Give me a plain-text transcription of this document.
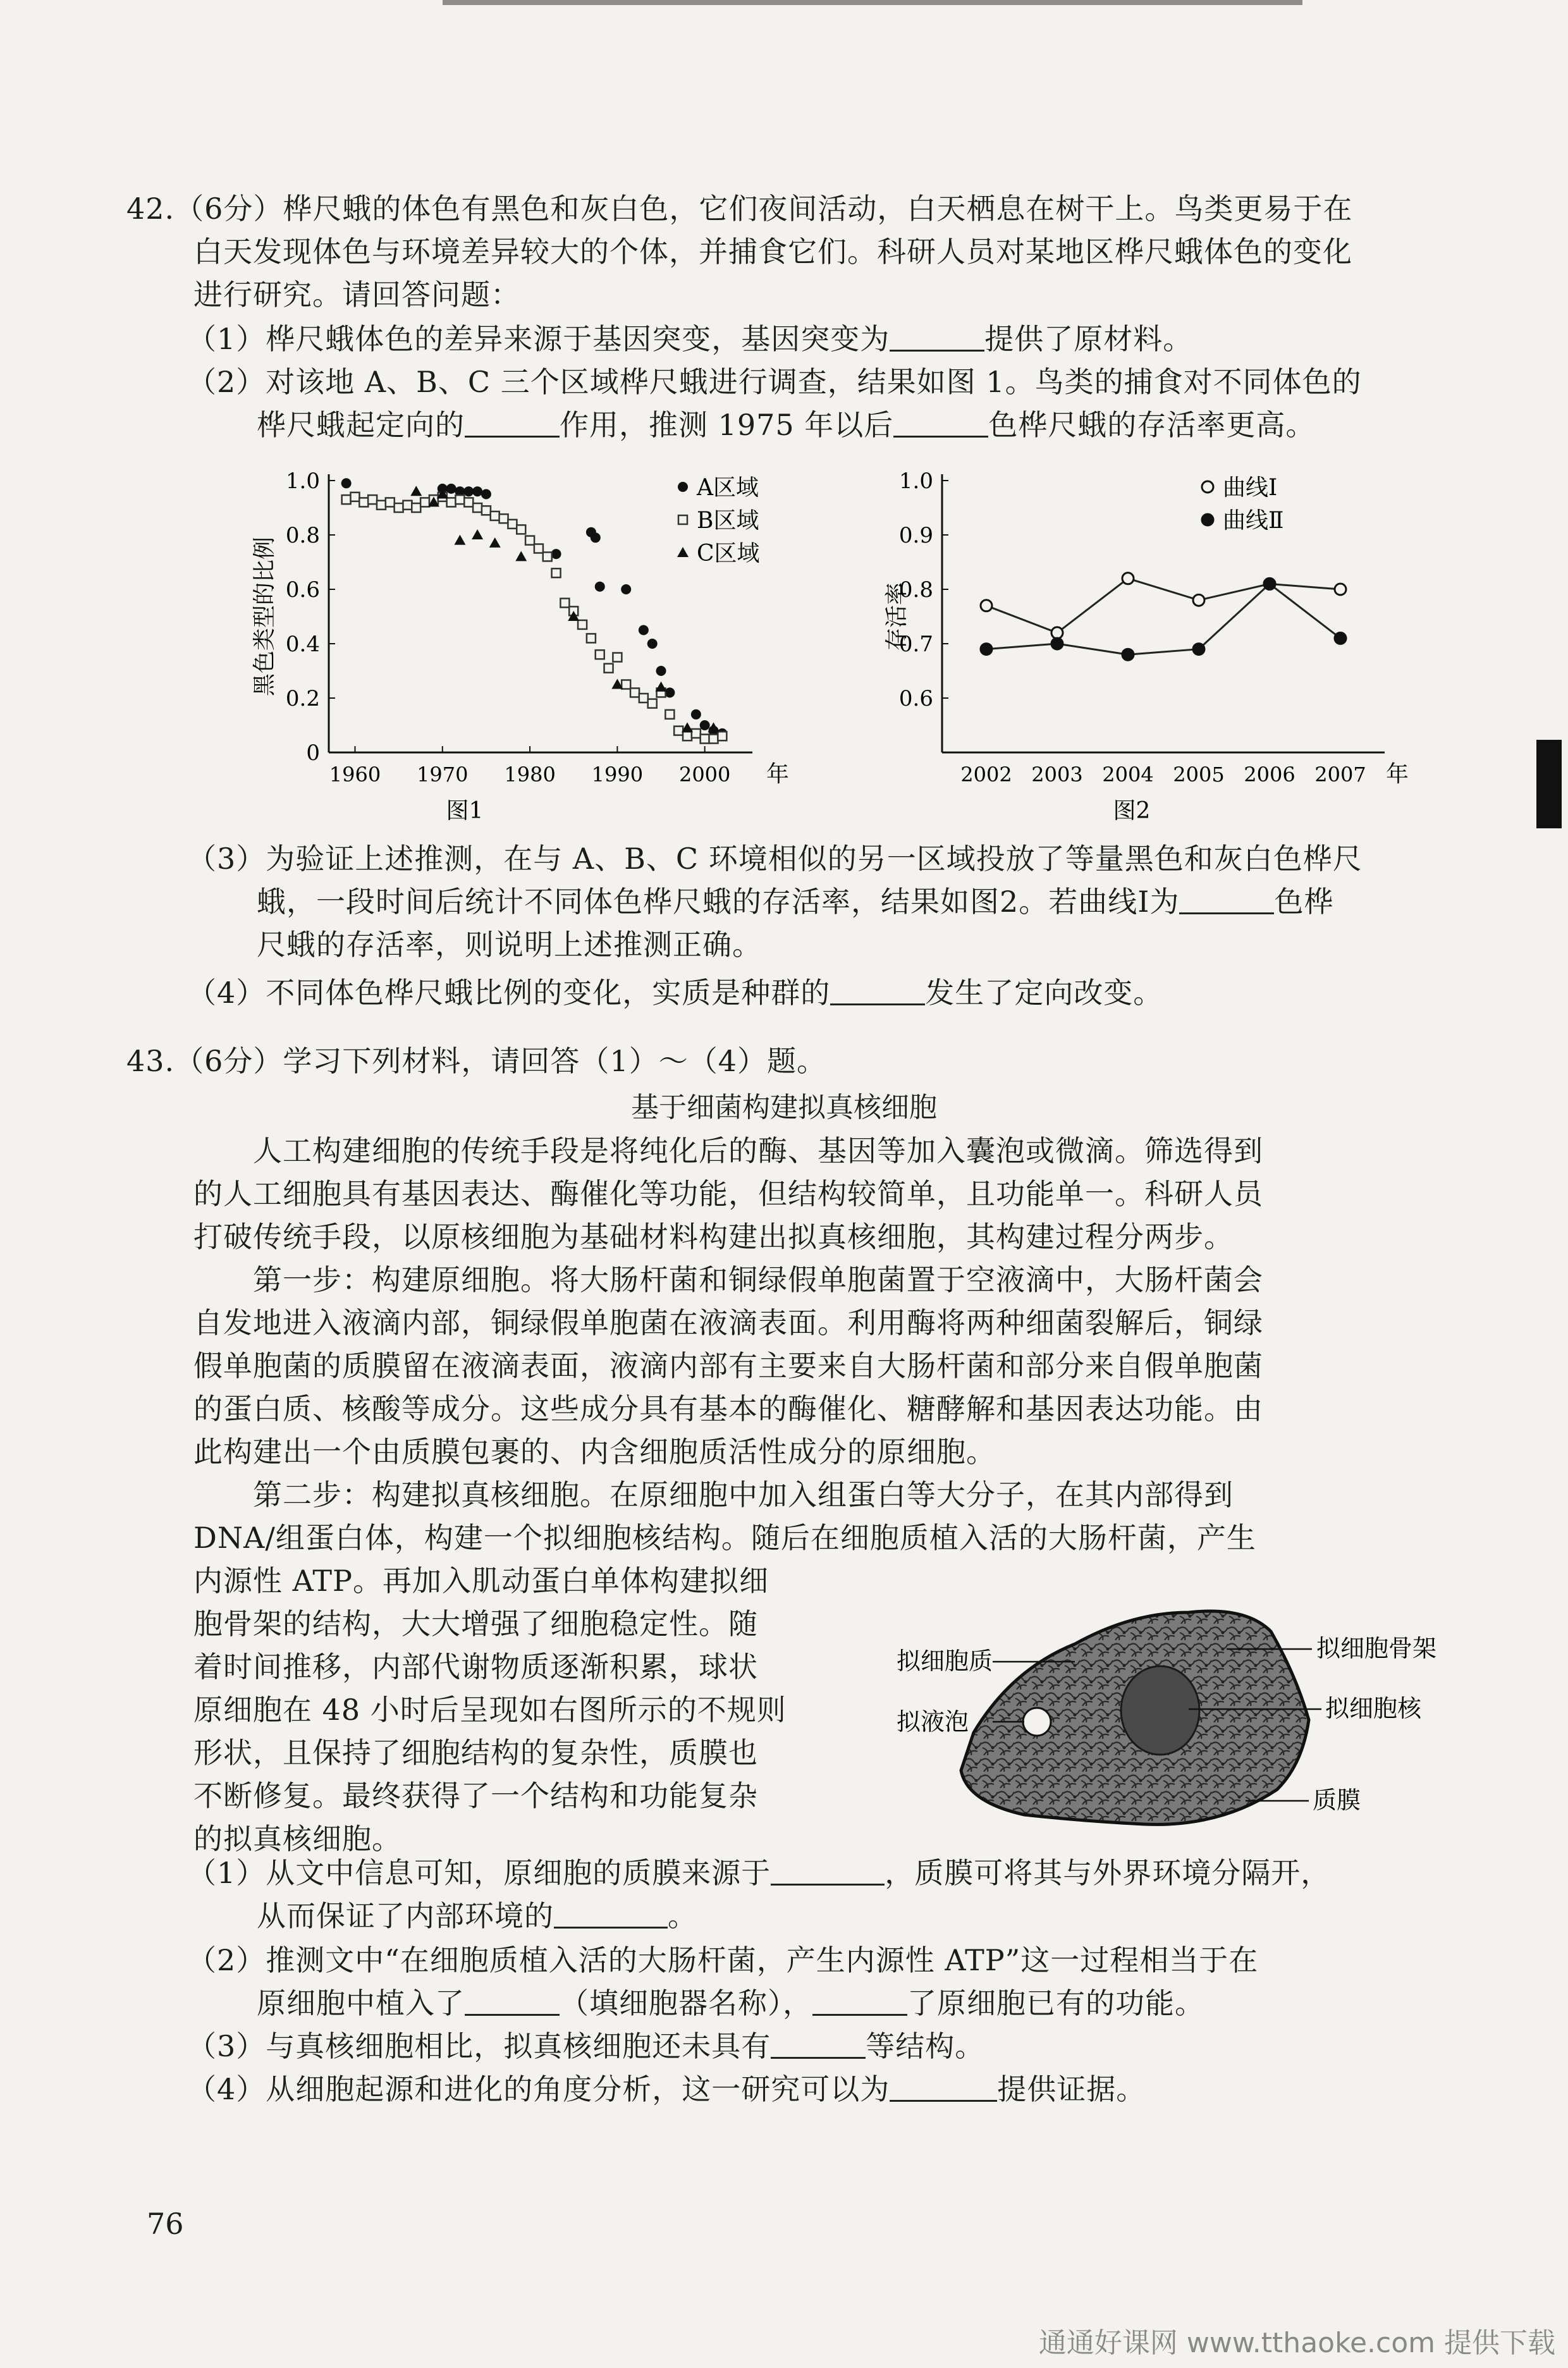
42.（6分）桦尺蛾的体色有黑色和灰白色，它们夜间活动，白天栖息在树干上。鸟类更易于在
白天发现体色与环境差异较大的个体，并捕食它们。科研人员对某地区桦尺蛾体色的变化
进行研究。请回答问题：
（1）桦尺蛾体色的差异来源于基因突变，基因突变为	提供了原材料。
（2）对该地 A、B、C 三个区域桦尺蛾进行调查，结果如图 1。鸟类的捕食对不同体色的
桦尺蛾起定向的	作用，推测 1975 年以后	色桦尺蛾的存活率更高。
0
0.2
0.4
0.6
0.8
1.0
1960 1970 1980 1990 2000 年
黑色类型的比例
图1
A区域
B区域
C区域
0.6
0.7
0.8
0.9
1.0
2002 2003 2004 2005 2006 2007 年
存活率
图2
曲线Ⅰ
曲线Ⅱ
（3）为验证上述推测，在与 A、B、C 环境相似的另一区域投放了等量黑色和灰白色桦尺
蛾，一段时间后统计不同体色桦尺蛾的存活率，结果如图2。若曲线Ⅰ为	色桦
尺蛾的存活率，则说明上述推测正确。
（4）不同体色桦尺蛾比例的变化，实质是种群的	发生了定向改变。
43.（6分）学习下列材料，请回答（1）～（4）题。
基于细菌构建拟真核细胞
人工构建细胞的传统手段是将纯化后的酶、基因等加入囊泡或微滴。筛选得到
的人工细胞具有基因表达、酶催化等功能，但结构较简单，且功能单一。科研人员
打破传统手段，以原核细胞为基础材料构建出拟真核细胞，其构建过程分两步。
第一步：构建原细胞。将大肠杆菌和铜绿假单胞菌置于空液滴中，大肠杆菌会
自发地进入液滴内部，铜绿假单胞菌在液滴表面。利用酶将两种细菌裂解后，铜绿
假单胞菌的质膜留在液滴表面，液滴内部有主要来自大肠杆菌和部分来自假单胞菌
的蛋白质、核酸等成分。这些成分具有基本的酶催化、糖酵解和基因表达功能。由
此构建出一个由质膜包裹的、内含细胞质活性成分的原细胞。
第二步：构建拟真核细胞。在原细胞中加入组蛋白等大分子，在其内部得到
DNA/组蛋白体，构建一个拟细胞核结构。随后在细胞质植入活的大肠杆菌，产生
内源性 ATP。再加入肌动蛋白单体构建拟细
胞骨架的结构，大大增强了细胞稳定性。随
着时间推移，内部代谢物质逐渐积累，球状
原细胞在 48 小时后呈现如右图所示的不规则
形状，且保持了细胞结构的复杂性，质膜也
不断修复。最终获得了一个结构和功能复杂
的拟真核细胞。
拟细胞质
拟液泡
拟细胞骨架
拟细胞核
质膜
（1）从文中信息可知，原细胞的质膜来源于	，质膜可将其与外界环境分隔开，
从而保证了内部环境的	。
（2）推测文中“在细胞质植入活的大肠杆菌，产生内源性 ATP”这一过程相当于在
原细胞中植入了	（填细胞器名称），	了原细胞已有的功能。
（3）与真核细胞相比，拟真核细胞还未具有	等结构。
（4）从细胞起源和进化的角度分析，这一研究可以为	提供证据。
76
通通好课网 www.tthaoke.com 提供下载
